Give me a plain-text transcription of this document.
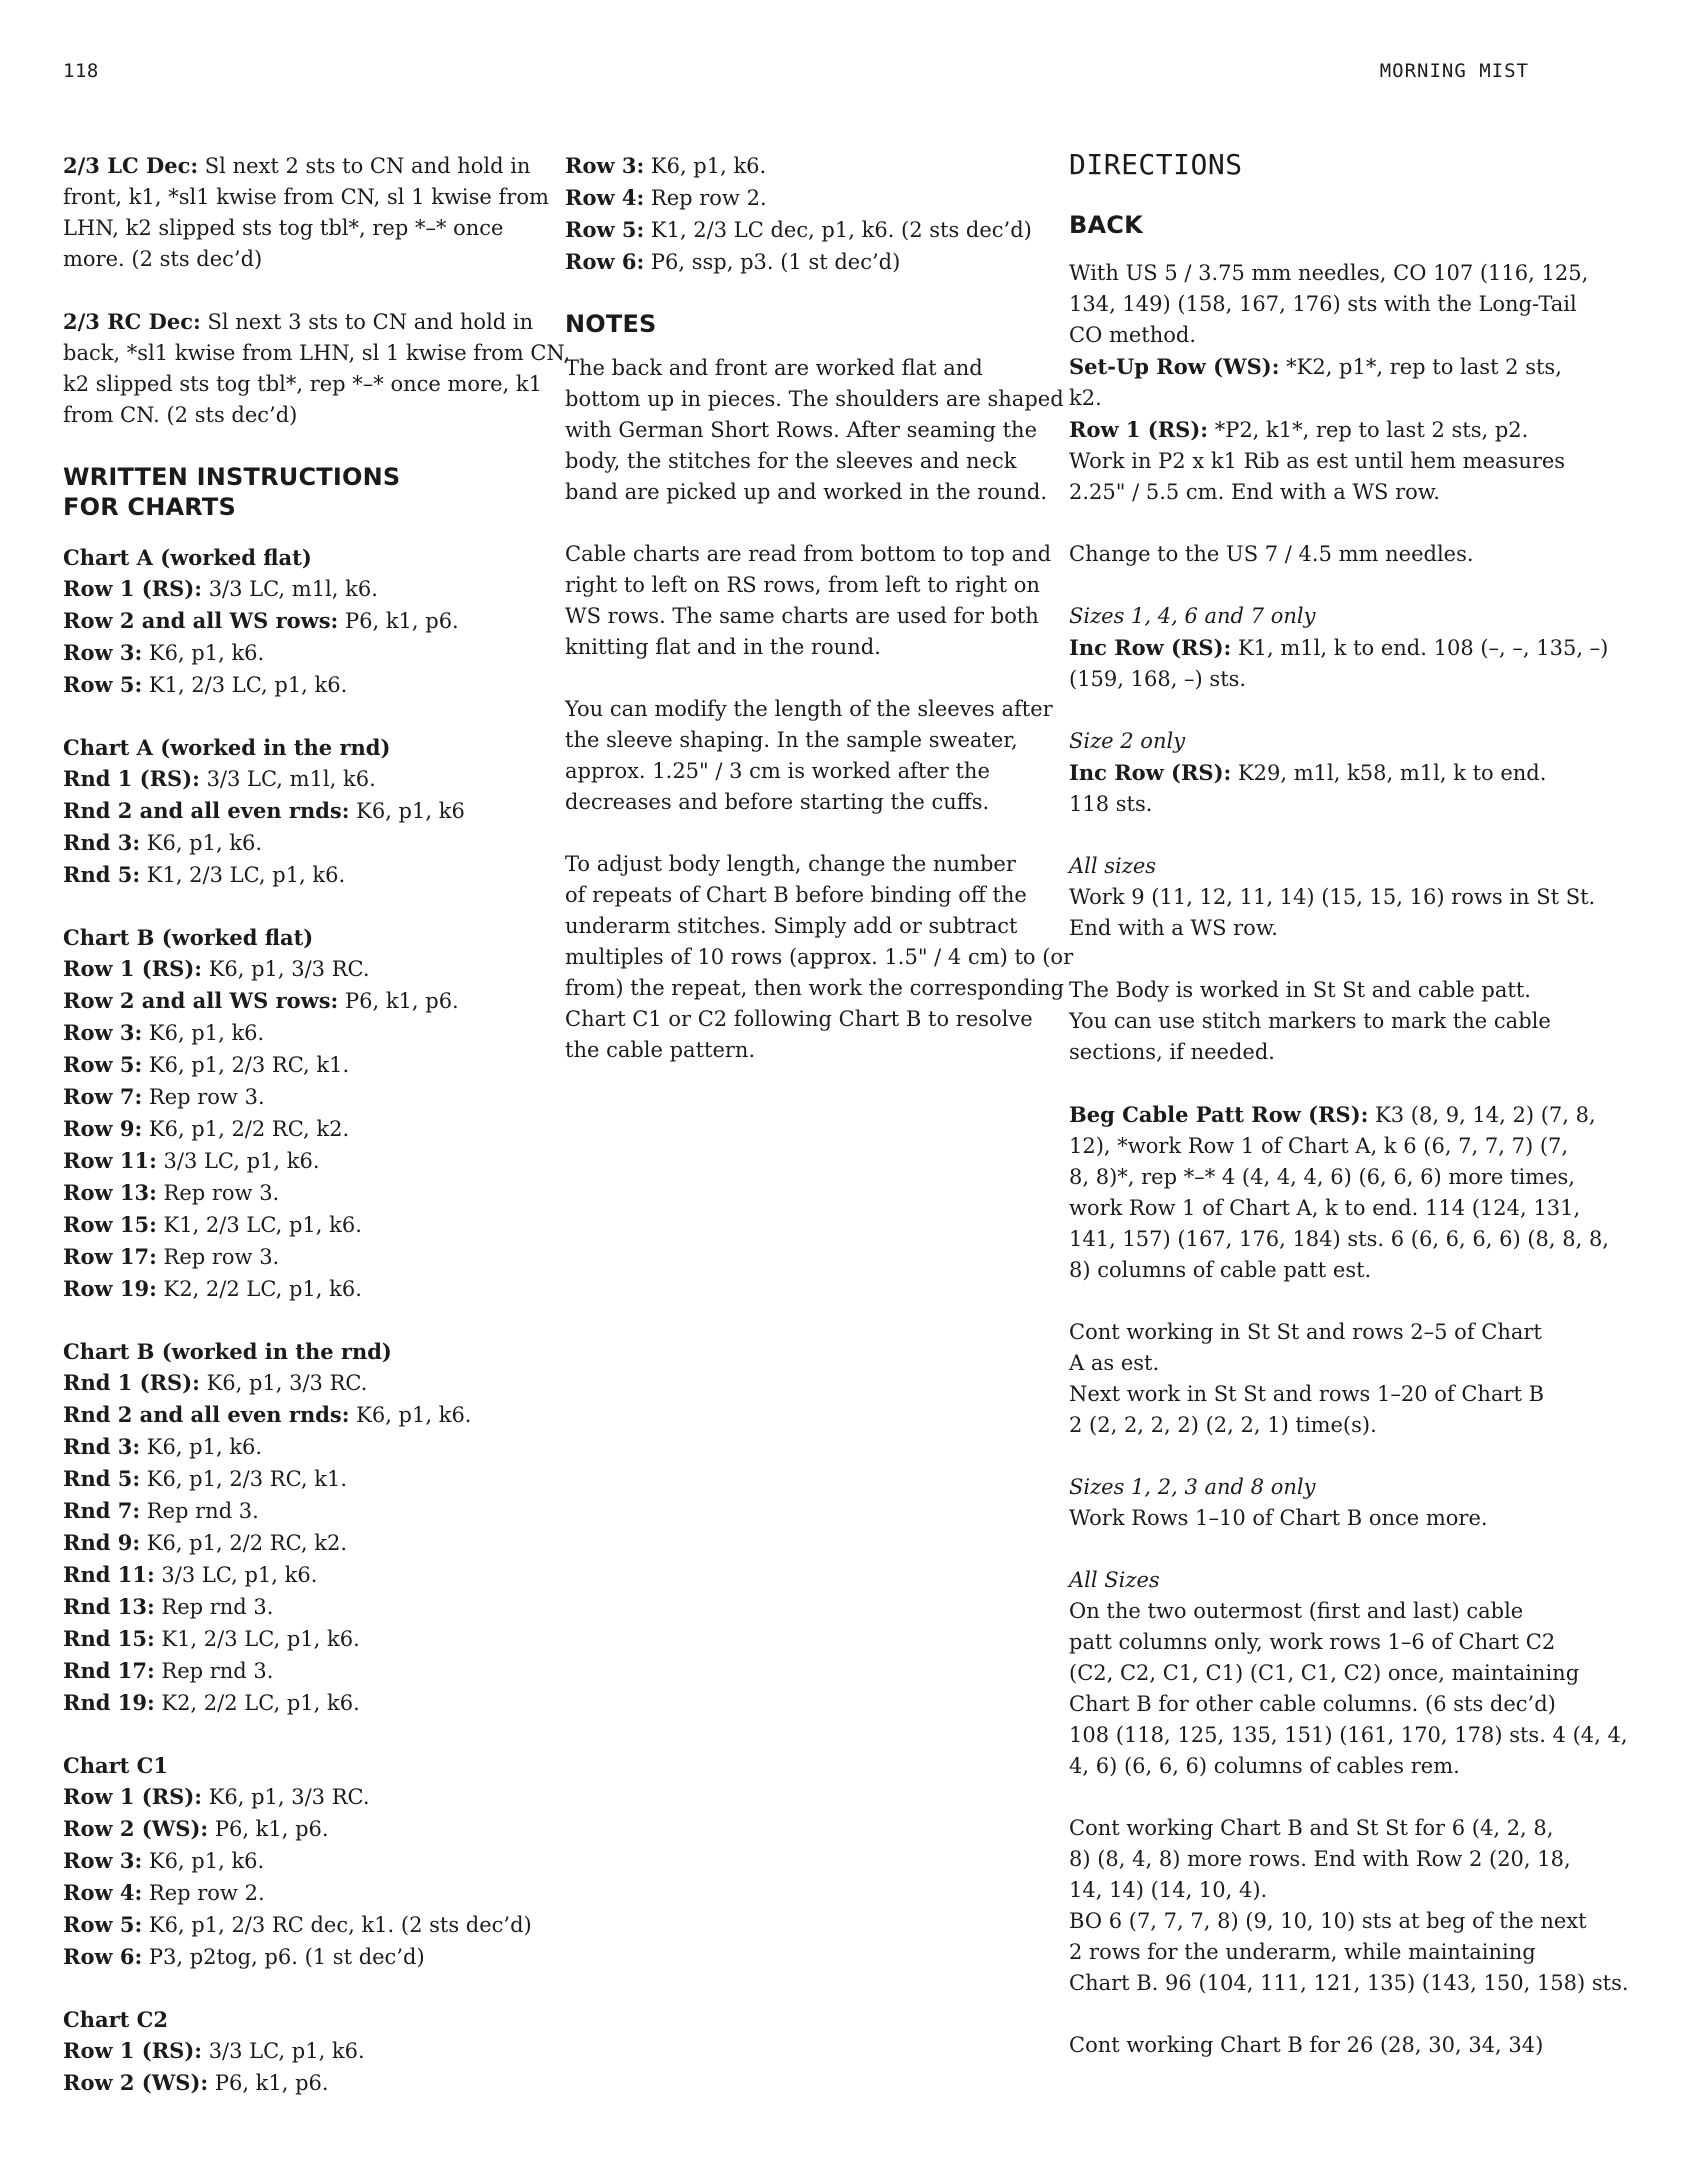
118	MORNING MIST
2/3 LC Dec: Sl next 2 sts to CN and hold in
front, k1, *sl1 kwise from CN, sl 1 kwise from
LHN, k2 slipped sts tog tbl*, rep *–* once
more. (2 sts dec’d)
2/3 RC Dec: Sl next 3 sts to CN and hold in
back, *sl1 kwise from LHN, sl 1 kwise from CN,
k2 slipped sts tog tbl*, rep *–* once more, k1
from CN. (2 sts dec’d)
WRITTEN INSTRUCTIONS
FOR CHARTS
Chart A (worked flat)
Row 1 (RS): 3/3 LC, m1l, k6.
Row 2 and all WS rows: P6, k1, p6.
Row 3: K6, p1, k6.
Row 5: K1, 2/3 LC, p1, k6.
Chart A (worked in the rnd)
Rnd 1 (RS): 3/3 LC, m1l, k6.
Rnd 2 and all even rnds: K6, p1, k6
Rnd 3: K6, p1, k6.
Rnd 5: K1, 2/3 LC, p1, k6.
Chart B (worked flat)
Row 1 (RS): K6, p1, 3/3 RC.
Row 2 and all WS rows: P6, k1, p6.
Row 3: K6, p1, k6.
Row 5: K6, p1, 2/3 RC, k1.
Row 7: Rep row 3.
Row 9: K6, p1, 2/2 RC, k2.
Row 11: 3/3 LC, p1, k6.
Row 13: Rep row 3.
Row 15: K1, 2/3 LC, p1, k6.
Row 17: Rep row 3.
Row 19: K2, 2/2 LC, p1, k6.
Chart B (worked in the rnd)
Rnd 1 (RS): K6, p1, 3/3 RC.
Rnd 2 and all even rnds: K6, p1, k6.
Rnd 3: K6, p1, k6.
Rnd 5: K6, p1, 2/3 RC, k1.
Rnd 7: Rep rnd 3.
Rnd 9: K6, p1, 2/2 RC, k2.
Rnd 11: 3/3 LC, p1, k6.
Rnd 13: Rep rnd 3.
Rnd 15: K1, 2/3 LC, p1, k6.
Rnd 17: Rep rnd 3.
Rnd 19: K2, 2/2 LC, p1, k6.
Chart C1
Row 1 (RS): K6, p1, 3/3 RC.
Row 2 (WS): P6, k1, p6.
Row 3: K6, p1, k6.
Row 4: Rep row 2.
Row 5: K6, p1, 2/3 RC dec, k1. (2 sts dec’d)
Row 6: P3, p2tog, p6. (1 st dec’d)
Chart C2
Row 1 (RS): 3/3 LC, p1, k6.
Row 2 (WS): P6, k1, p6.
Row 3: K6, p1, k6.
Row 4: Rep row 2.
Row 5: K1, 2/3 LC dec, p1, k6. (2 sts dec’d)
Row 6: P6, ssp, p3. (1 st dec’d)
NOTES
The back and front are worked flat and
bottom up in pieces. The shoulders are shaped
with German Short Rows. After seaming the
body, the stitches for the sleeves and neck
band are picked up and worked in the round.
Cable charts are read from bottom to top and
right to left on RS rows, from left to right on
WS rows. The same charts are used for both
knitting flat and in the round.
You can modify the length of the sleeves after
the sleeve shaping. In the sample sweater,
approx. 1.25" / 3 cm is worked after the
decreases and before starting the cuffs.
To adjust body length, change the number
of repeats of Chart B before binding off the
underarm stitches. Simply add or subtract
multiples of 10 rows (approx. 1.5" / 4 cm) to (or
from) the repeat, then work the corresponding
Chart C1 or C2 following Chart B to resolve
the cable pattern.
DIRECTIONS
BACK
With US 5 / 3.75 mm needles, CO 107 (116, 125,
134, 149) (158, 167, 176) sts with the Long-Tail
CO method.
Set-Up Row (WS): *K2, p1*, rep to last 2 sts,
k2.
Row 1 (RS): *P2, k1*, rep to last 2 sts, p2.
Work in P2 x k1 Rib as est until hem measures
2.25" / 5.5 cm. End with a WS row.
Change to the US 7 / 4.5 mm needles.
Sizes 1, 4, 6 and 7 only
Inc Row (RS): K1, m1l, k to end. 108 (–, –, 135, –)
(159, 168, –) sts.
Size 2 only
Inc Row (RS): K29, m1l, k58, m1l, k to end.
118 sts.
All sizes
Work 9 (11, 12, 11, 14) (15, 15, 16) rows in St St.
End with a WS row.
The Body is worked in St St and cable patt.
You can use stitch markers to mark the cable
sections, if needed.
Beg Cable Patt Row (RS): K3 (8, 9, 14, 2) (7, 8,
12), *work Row 1 of Chart A, k 6 (6, 7, 7, 7) (7,
8, 8)*, rep *–* 4 (4, 4, 4, 6) (6, 6, 6) more times,
work Row 1 of Chart A, k to end. 114 (124, 131,
141, 157) (167, 176, 184) sts. 6 (6, 6, 6, 6) (8, 8, 8,
8) columns of cable patt est.
Cont working in St St and rows 2–5 of Chart
A as est.
Next work in St St and rows 1–20 of Chart B
2 (2, 2, 2, 2) (2, 2, 1) time(s).
Sizes 1, 2, 3 and 8 only
Work Rows 1–10 of Chart B once more.
All Sizes
On the two outermost (first and last) cable
patt columns only, work rows 1–6 of Chart C2
(C2, C2, C1, C1) (C1, C1, C2) once, maintaining
Chart B for other cable columns. (6 sts dec’d)
108 (118, 125, 135, 151) (161, 170, 178) sts. 4 (4, 4,
4, 6) (6, 6, 6) columns of cables rem.
Cont working Chart B and St St for 6 (4, 2, 8,
8) (8, 4, 8) more rows. End with Row 2 (20, 18,
14, 14) (14, 10, 4).
BO 6 (7, 7, 7, 8) (9, 10, 10) sts at beg of the next
2 rows for the underarm, while maintaining
Chart B. 96 (104, 111, 121, 135) (143, 150, 158) sts.
Cont working Chart B for 26 (28, 30, 34, 34)
